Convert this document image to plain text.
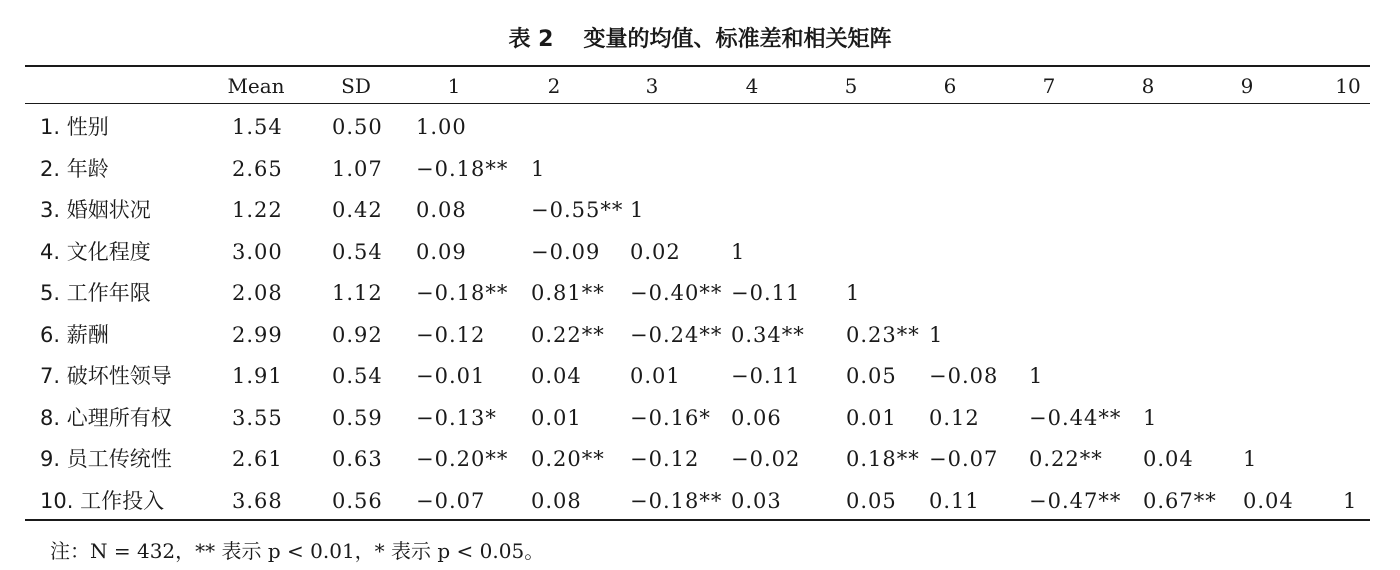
表 2 变量的均值、标准差和相关矩阵
Mean	SD	1	2	3	4	5	6	7	8	9	10
1. 性别	1.54 0.50 1.00
2. 年龄	2.65 1.07 −0.18** 1
3. 婚姻状况	1.22 0.42 0.08	−0.55** 1
4. 文化程度	3.00 0.54 0.09	−0.09 0.02 1
5. 工作年限	2.08 1.12 −0.18** 0.81** −0.40** −0.11 1
6. 薪酬	2.99 0.92 −0.12 0.22** −0.24** 0.34** 0.23** 1
7. 破坏性领导	1.91 0.54 −0.01 0.04 0.01 −0.11 0.05 −0.08 1
8. 心理所有权	3.55 0.59 −0.13* 0.01 −0.16* 0.06	0.01 0.12 −0.44** 1
9. 员工传统性	2.61 0.63 −0.20** 0.20** −0.12 −0.02 0.18** −0.07 0.22** 0.04 1
10. 工作投入	3.68 0.56 −0.07 0.08 −0.18** 0.03	0.05 0.11 −0.47** 0.67** 0.04 1
注：N = 432，** 表示 p < 0.01，* 表示 p < 0.05。
